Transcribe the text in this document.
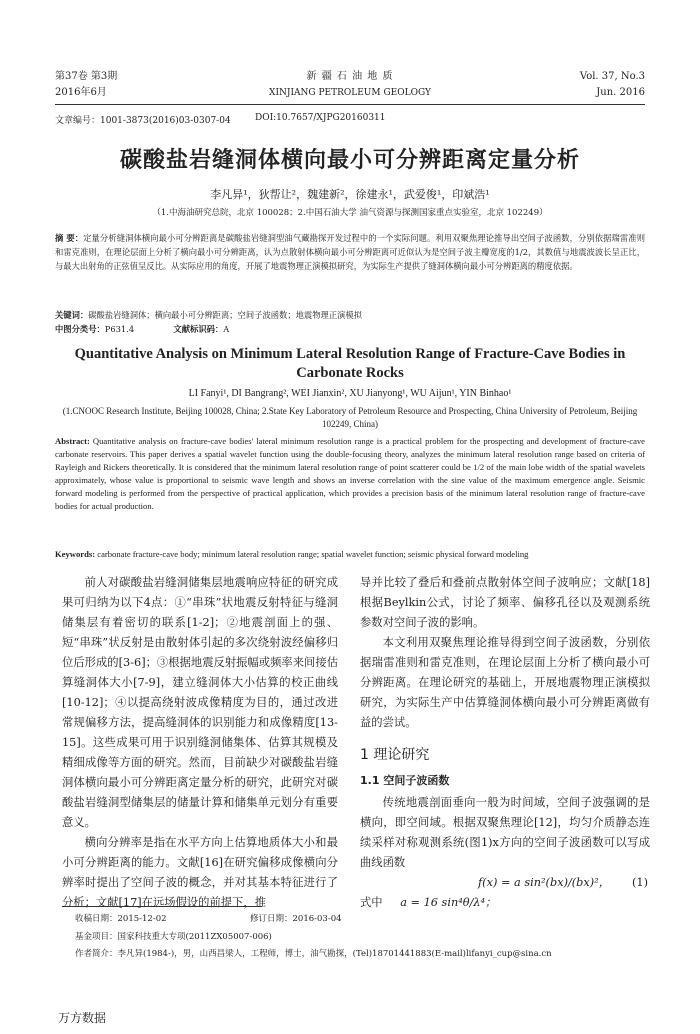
第37卷 第3期
2016年6月
新 疆 石 油 地 质
XINJIANG PETROLEUM GEOLOGY
Vol. 37, No.3
Jun. 2016
文章编号：1001-3873(2016)03-0307-04	DOI:10.7657/XJPG20160311
碳酸盐岩缝洞体横向最小可分辨距离定量分析
李凡异¹，狄帮让²，魏建新²，徐建永¹，武爱俊¹，印斌浩¹
（1.中海油研究总院，北京 100028；2.中国石油大学 油气资源与探测国家重点实验室，北京 102249）
摘 要：定量分析缝洞体横向最小可分辨距离是碳酸盐岩缝洞型油气藏勘探开发过程中的一个实际问题。利用双聚焦理论推导出空间子波函数，分别依据瑞雷准则和雷克准则，在理论层面上分析了横向最小可分辨距离，认为点散射体横向最小可分辨距离可近似认为是空间子波主瓣宽度的1/2，其数值与地震波波长呈正比，与最大出射角的正弦值呈反比。从实际应用的角度，开展了地震物理正演模拟研究，为实际生产提供了缝洞体横向最小可分辨距离的精度依据。
关键词：碳酸盐岩缝洞体；横向最小可分辨距离；空间子波函数；地震物理正演模拟
中图分类号：P631.4	文献标识码：A
Quantitative Analysis on Minimum Lateral Resolution Range of Fracture-Cave Bodies in Carbonate Rocks
LI Fanyi¹, DI Bangrang², WEI Jianxin², XU Jianyong¹, WU Aijun¹, YIN Binhao¹
(1.CNOOC Research Institute, Beijing 100028, China; 2.State Key Laboratory of Petroleum Resource and Prospecting, China University of Petroleum, Beijing 102249, China)
Abstract: Quantitative analysis on fracture-cave bodies' lateral minimum resolution range is a practical problem for the prospecting and development of fracture-cave carbonate reservoirs. This paper derives a spatial wavelet function using the double-focusing theory, analyzes the minimum lateral resolution range based on criteria of Rayleigh and Rickers theoretically. It is considered that the minimum lateral resolution range of point scatterer could be 1/2 of the main lobe width of the spatial wavelets approximately, whose value is proportional to seismic wave length and shows an inverse correlation with the sine value of the maximum emergence angle. Seismic forward modeling is performed from the perspective of practical application, which provides a precision basis of the minimum lateral resolution range of fracture-cave bodies for actual production.
Keywords: carbonate fracture-cave body; minimum lateral resolution range; spatial wavelet function; seismic physical forward modeling

前人对碳酸盐岩缝洞储集层地震响应特征的研究成果可归纳为以下4点：①“串珠”状地震反射特征与缝洞储集层有着密切的联系[1-2]；②地震剖面上的强、短“串珠”状反射是由散射体引起的多次绕射波经偏移归位后形成的[3-6]；③根据地震反射振幅或频率来间接估算缝洞体大小[7-9]，建立缝洞体大小估算的校正曲线[10-12]；④以提高绕射波成像精度为目的，通过改进常规偏移方法，提高缝洞体的识别能力和成像精度[13-15]。这些成果可用于识别缝洞储集体、估算其规模及精细成像等方面的研究。然而，目前缺少对碳酸盐岩缝洞体横向最小可分辨距离定量分析的研究，此研究对碳酸盐岩缝洞型储集层的储量计算和储集单元划分有重要意义。

横向分辨率是指在水平方向上估算地质体大小和最小可分辨距离的能力。文献[16]在研究偏移成像横向分辨率时提出了空间子波的概念，并对其基本特征进行了分析；文献[17]在远场假设的前提下，推

导并比较了叠后和叠前点散射体空间子波响应；文献[18]根据Beylkin公式，讨论了频率、偏移孔径以及观测系统参数对空间子波的影响。

本文利用双聚焦理论推导得到空间子波函数，分别依据瑞雷准则和雷克准则，在理论层面上分析了横向最小可分辨距离。在理论研究的基础上，开展地震物理正演模拟研究，为实际生产中估算缝洞体横向最小可分辨距离做有益的尝试。

1 理论研究
1.1 空间子波函数

传统地震剖面垂向一般为时间域，空间子波强调的是横向，即空间域。根据双聚焦理论[12]，均匀介质静态连续采样对称观测系统(图1)x方向的空间子波函数可以写成曲线函数

f(x) = a sin²(bx)/(bx)²， (1)
式中 a = 16 sin⁴θ/λ⁴；
收稿日期：2015-12-02	修订日期：2016-03-04
基金项目：国家科技重大专项(2011ZX05007-006)
作者简介：李凡异(1984-)，男，山西昌梁人，工程师，博士，油气勘探，(Tel)18701441883(E-mail)lifanyi_cup@sina.cn
万方数据
